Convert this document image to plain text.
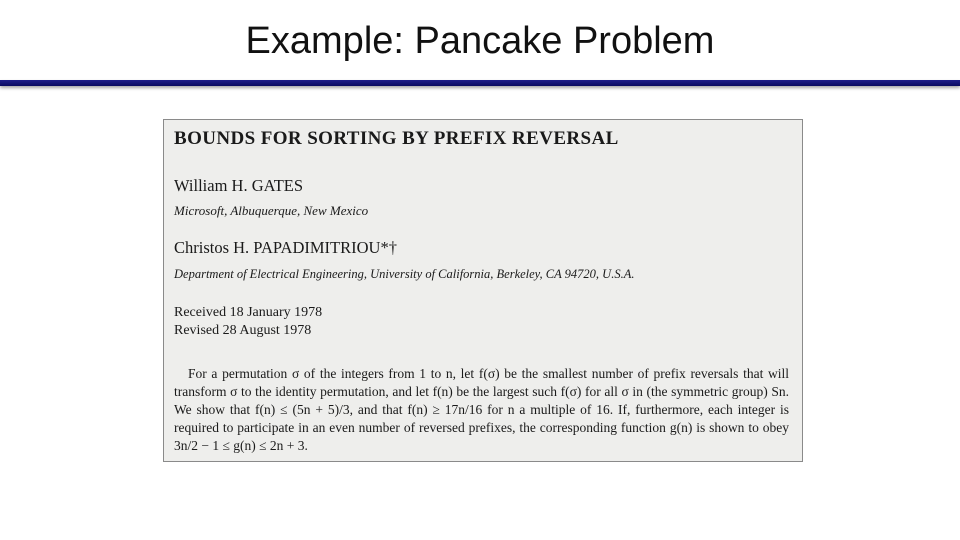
Example: Pancake Problem
BOUNDS FOR SORTING BY PREFIX REVERSAL
William H. GATES
Microsoft, Albuquerque, New Mexico
Christos H. PAPADIMITRIOU*†
Department of Electrical Engineering, University of California, Berkeley, CA 94720, U.S.A.
Received 18 January 1978
Revised 28 August 1978
For a permutation σ of the integers from 1 to n, let f(σ) be the smallest number of prefix reversals that will transform σ to the identity permutation, and let f(n) be the largest such f(σ) for all σ in (the symmetric group) Sn. We show that f(n) ≤ (5n + 5)/3, and that f(n) ≥ 17n/16 for n a multiple of 16. If, furthermore, each integer is required to participate in an even number of reversed prefixes, the corresponding function g(n) is shown to obey 3n/2 − 1 ≤ g(n) ≤ 2n + 3.
